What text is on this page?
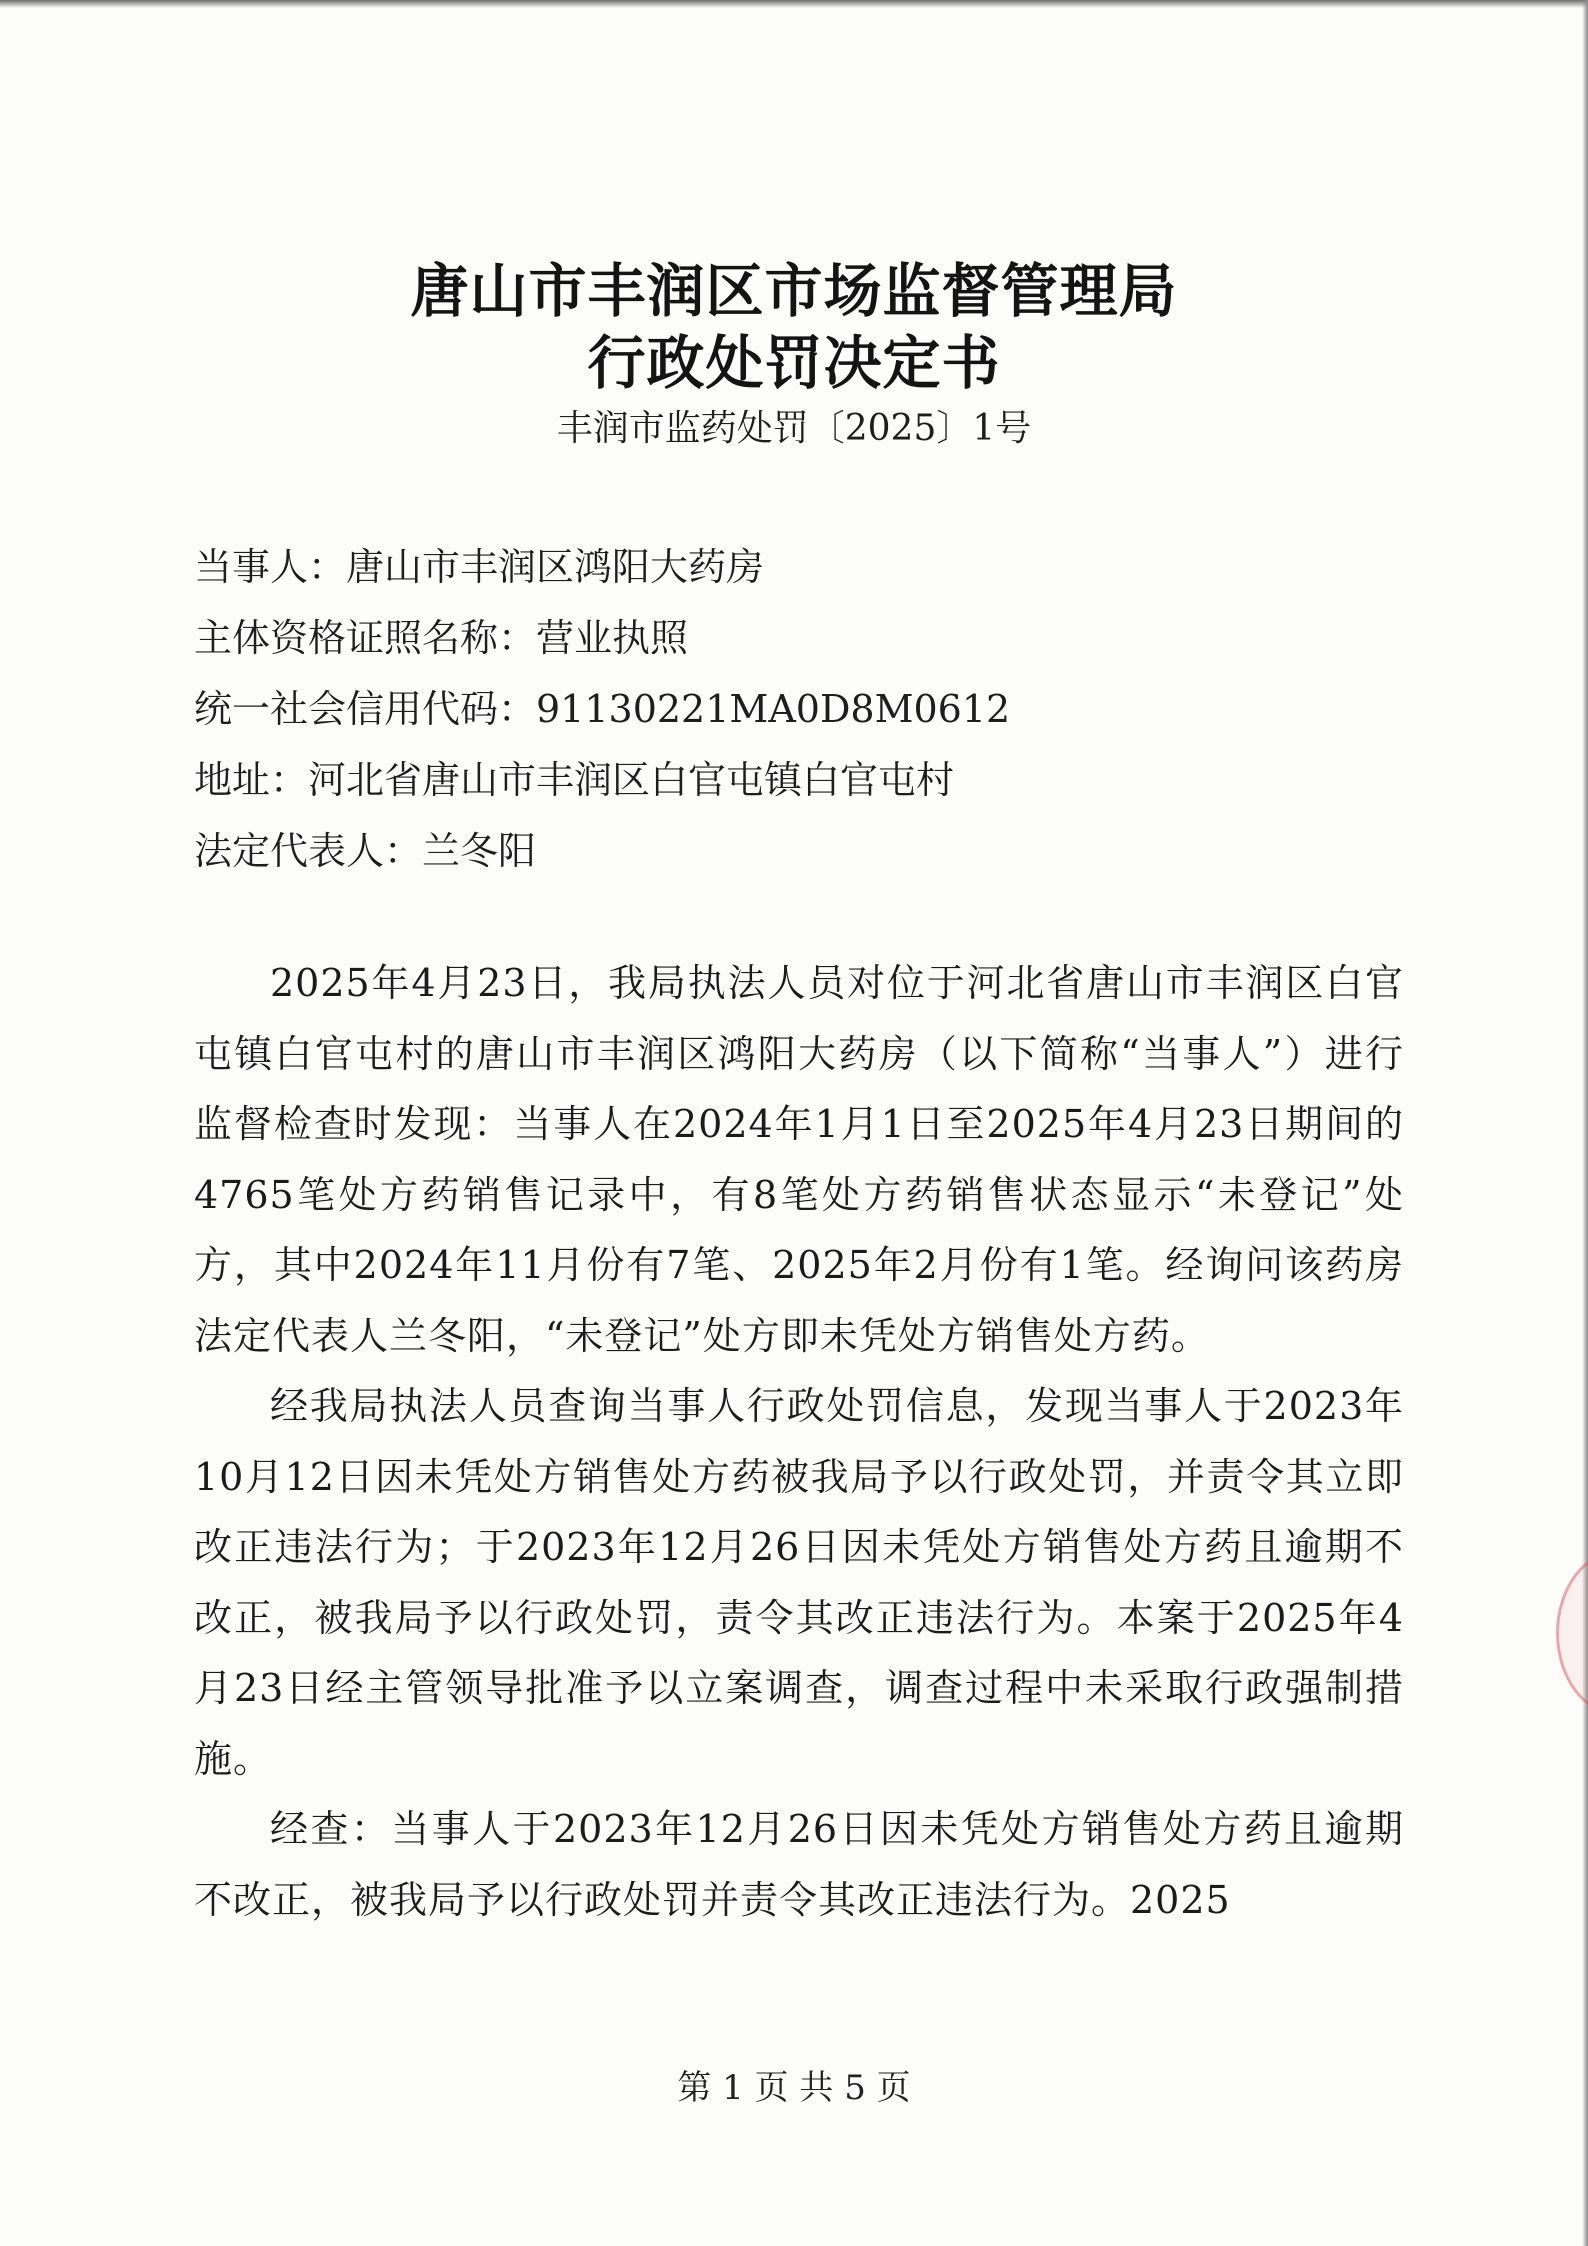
唐山市丰润区市场监督管理局
行政处罚决定书
丰润市监药处罚〔2025〕1号
当事人：唐山市丰润区鸿阳大药房
主体资格证照名称：营业执照
统一社会信用代码：91130221MA0D8M0612
地址：河北省唐山市丰润区白官屯镇白官屯村
法定代表人：兰冬阳

2025年4月23日，我局执法人员对位于河北省唐山市丰润区白官屯镇白官屯村的唐山市丰润区鸿阳大药房（以下简称“当事人”）进行监督检查时发现：当事人在2024年1月1日至2025年4月23日期间的4765笔处方药销售记录中，有8笔处方药销售状态显示“未登记”处方，其中2024年11月份有7笔、2025年2月份有1笔。经询问该药房法定代表人兰冬阳，“未登记”处方即未凭处方销售处方药。

经我局执法人员查询当事人行政处罚信息，发现当事人于2023年10月12日因未凭处方销售处方药被我局予以行政处罚，并责令其立即改正违法行为；于2023年12月26日因未凭处方销售处方药且逾期不改正，被我局予以行政处罚，责令其改正违法行为。本案于2025年4月23日经主管领导批准予以立案调查，调查过程中未采取行政强制措施。

经查：当事人于2023年12月26日因未凭处方销售处方药且逾期不改正，被我局予以行政处罚并责令其改正违法行为。2025

第 1 页 共 5 页
